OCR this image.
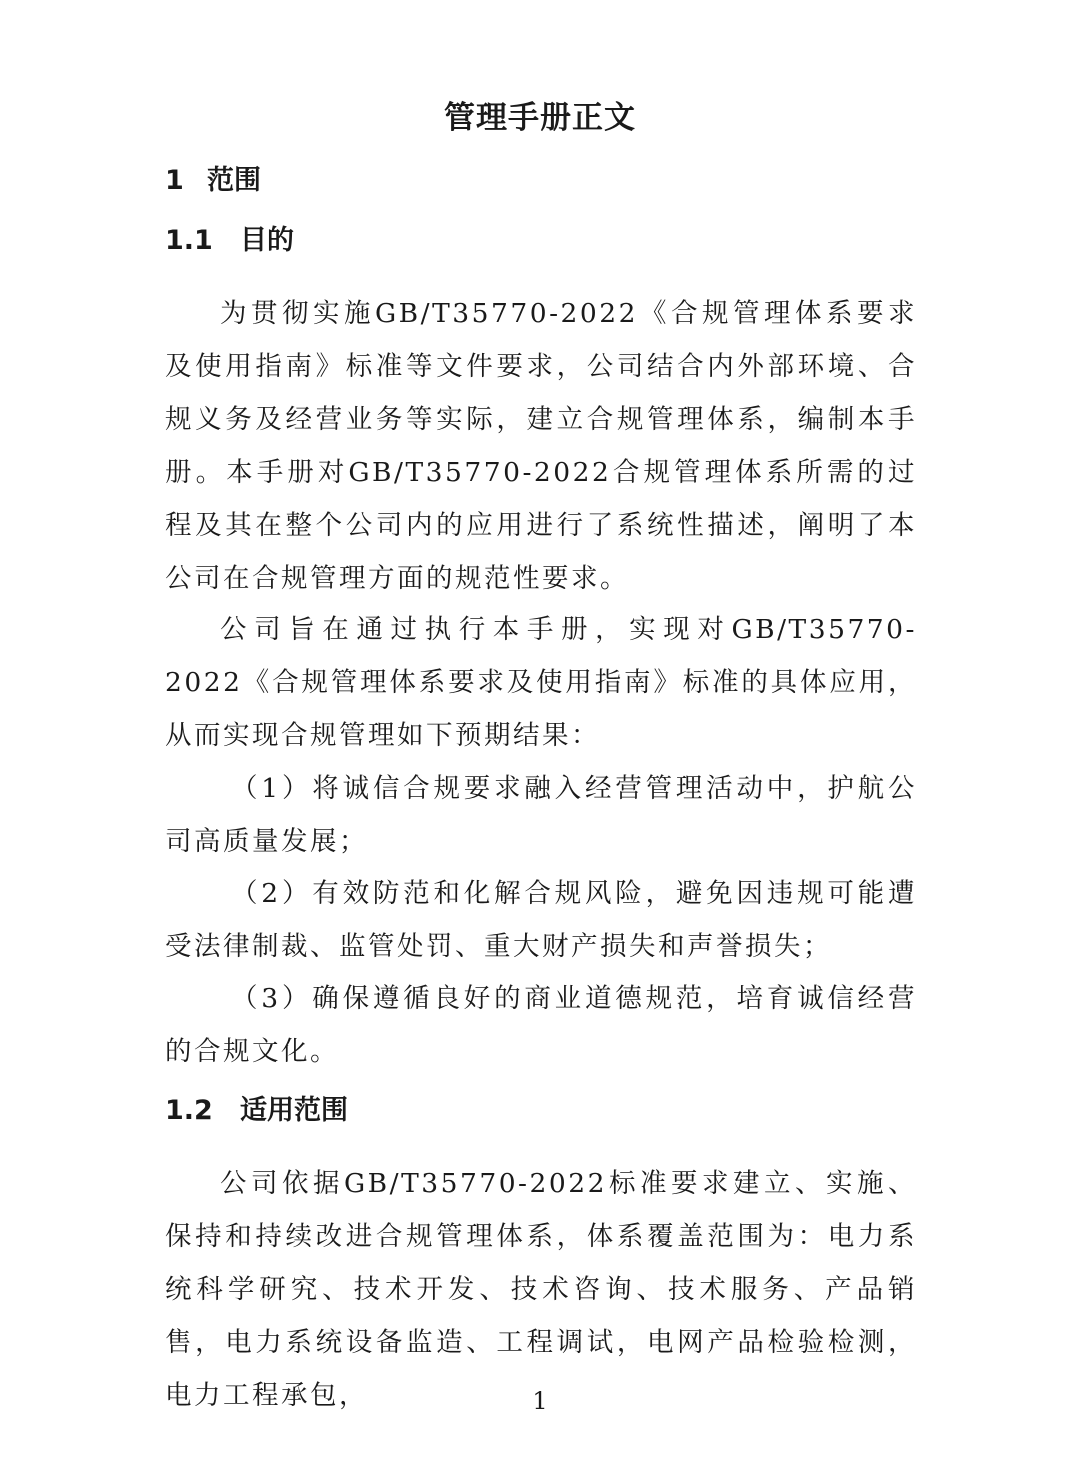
管理手册正文
1 范围
1.1 目的

为贯彻实施GB/T35770-2022《合规管理体系要求及使用指南》标准等文件要求，公司结合内外部环境、合规义务及经营业务等实际，建立合规管理体系，编制本手册。本手册对GB/T35770-2022合规管理体系所需的过程及其在整个公司内的应用进行了系统性描述，阐明了本公司在合规管理方面的规范性要求。

公司旨在通过执行本手册，实现对GB/T35770-2022《合规管理体系要求及使用指南》标准的具体应用，从而实现合规管理如下预期结果：

（1）将诚信合规要求融入经营管理活动中，护航公司高质量发展；

（2）有效防范和化解合规风险，避免因违规可能遭受法律制裁、监管处罚、重大财产损失和声誉损失；

（3）确保遵循良好的商业道德规范，培育诚信经营的合规文化。

1.2 适用范围

公司依据GB/T35770-2022标准要求建立、实施、保持和持续改进合规管理体系，体系覆盖范围为：电力系统科学研究、技术开发、技术咨询、技术服务、产品销售，电力系统设备监造、工程调试，电网产品检验检测，电力工程承包，	1
